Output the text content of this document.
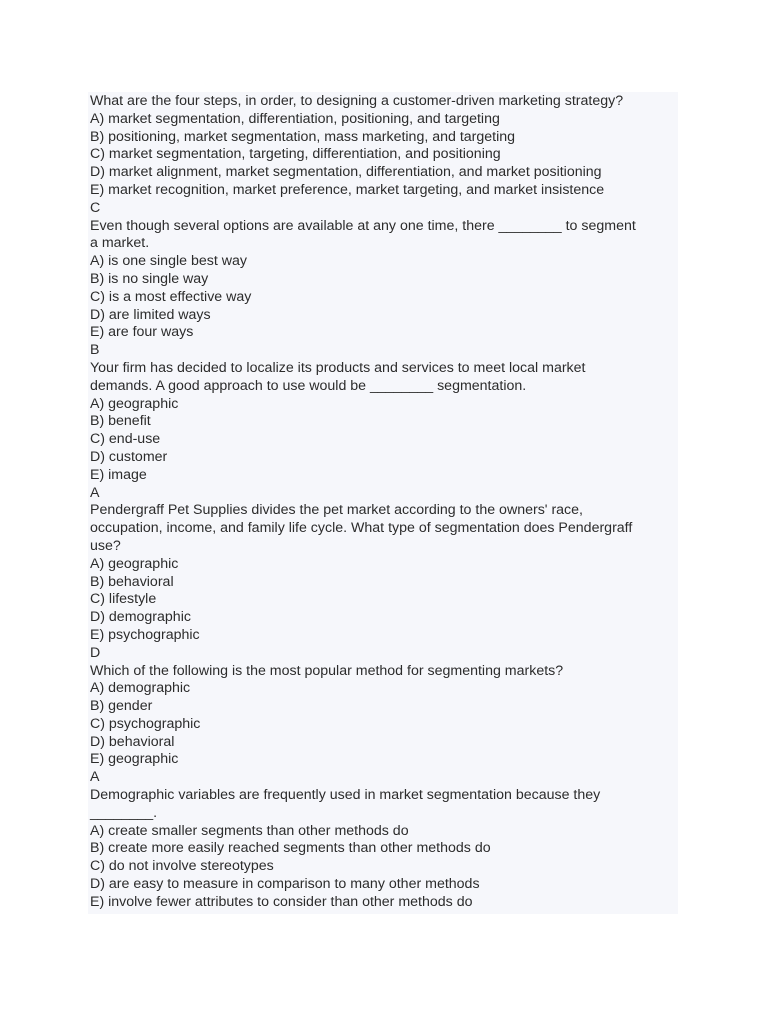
What are the four steps, in order, to designing a customer-driven marketing strategy?
A) market segmentation, differentiation, positioning, and targeting
B) positioning, market segmentation, mass marketing, and targeting
C) market segmentation, targeting, differentiation, and positioning
D) market alignment, market segmentation, differentiation, and market positioning
E) market recognition, market preference, market targeting, and market insistence
C
Even though several options are available at any one time, there ________ to segment
a market.
A) is one single best way
B) is no single way
C) is a most effective way
D) are limited ways
E) are four ways
B
Your firm has decided to localize its products and services to meet local market
demands. A good approach to use would be ________ segmentation.
A) geographic
B) benefit
C) end-use
D) customer
E) image
A
Pendergraff Pet Supplies divides the pet market according to the owners' race,
occupation, income, and family life cycle. What type of segmentation does Pendergraff
use?
A) geographic
B) behavioral
C) lifestyle
D) demographic
E) psychographic
D
Which of the following is the most popular method for segmenting markets?
A) demographic
B) gender
C) psychographic
D) behavioral
E) geographic
A
Demographic variables are frequently used in market segmentation because they
________.
A) create smaller segments than other methods do
B) create more easily reached segments than other methods do
C) do not involve stereotypes
D) are easy to measure in comparison to many other methods
E) involve fewer attributes to consider than other methods do
